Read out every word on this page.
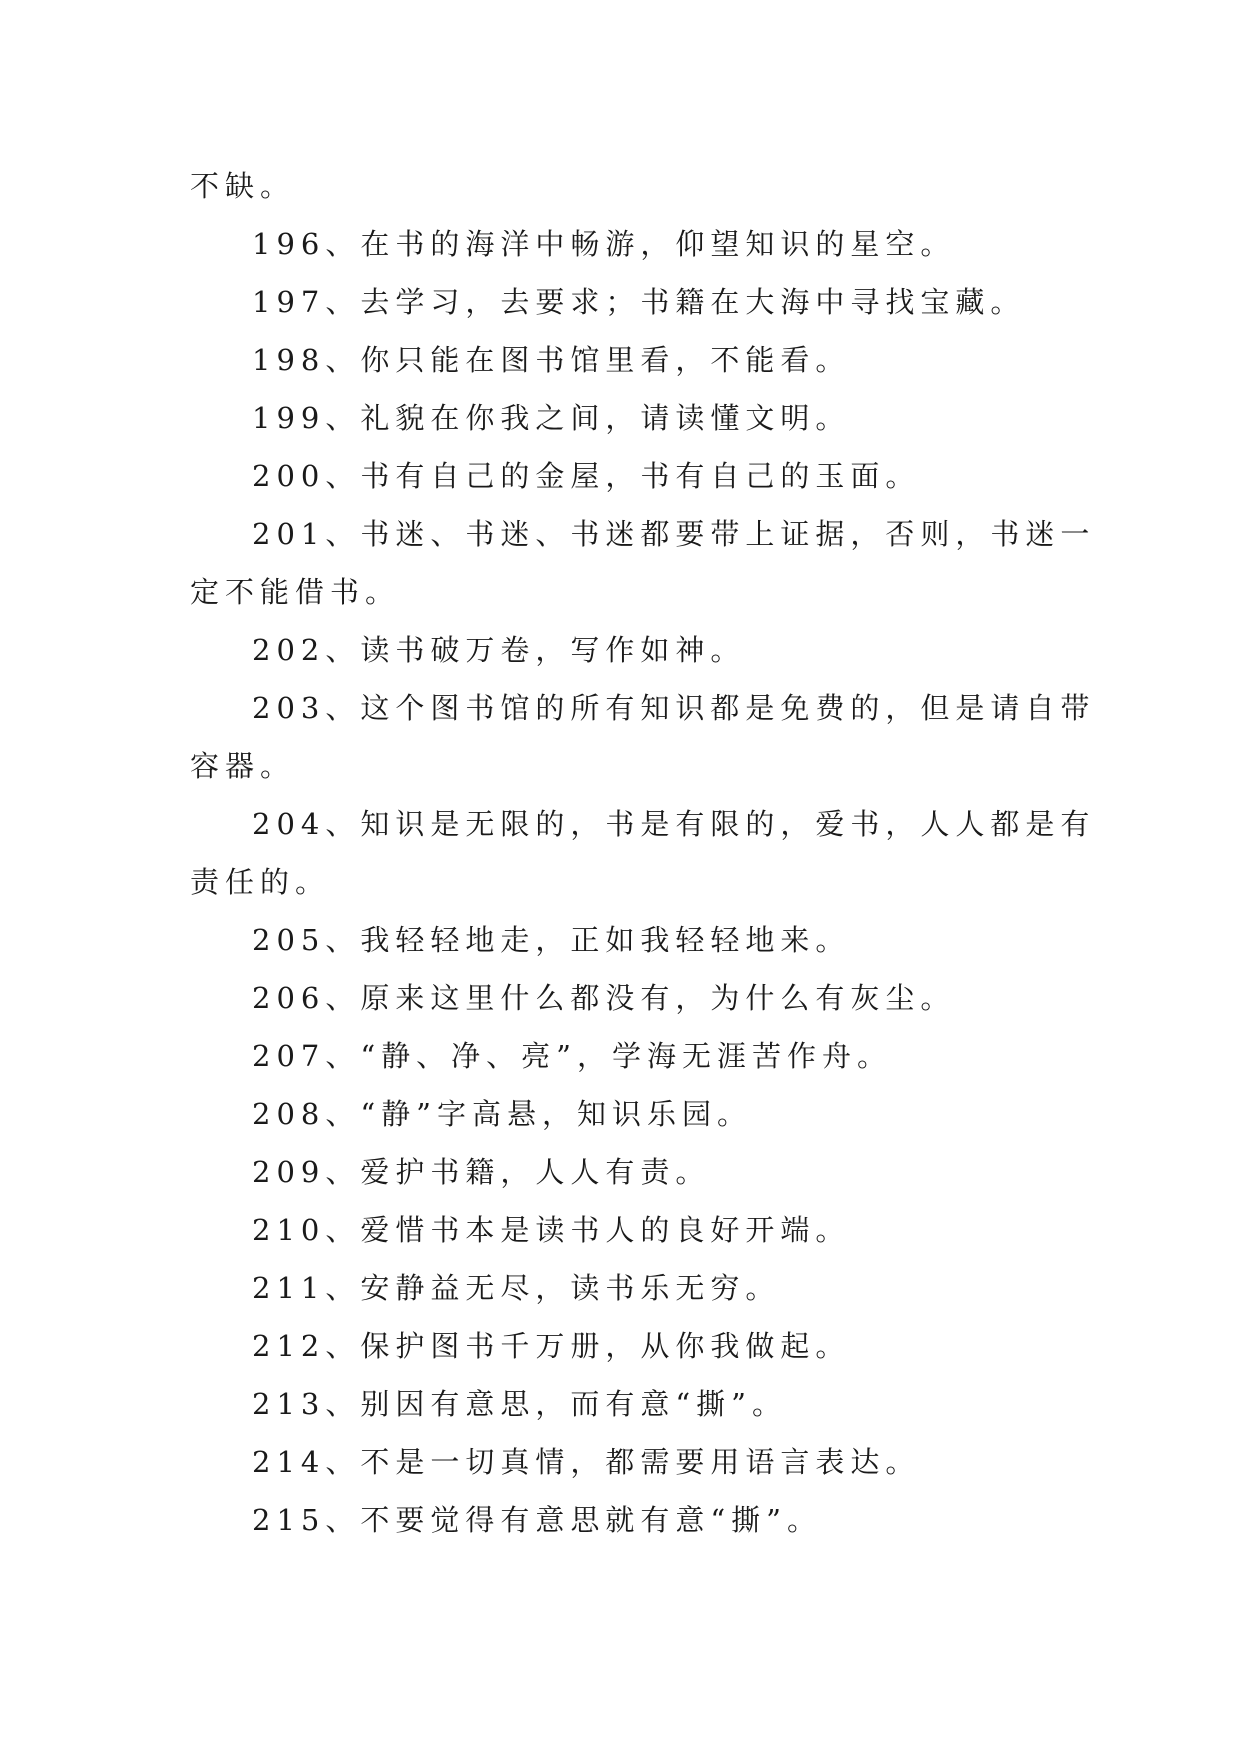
不缺。
196、在书的海洋中畅游，仰望知识的星空。
197、去学习，去要求；书籍在大海中寻找宝藏。
198、你只能在图书馆里看，不能看。
199、礼貌在你我之间，请读懂文明。
200、书有自己的金屋，书有自己的玉面。
201、书迷、书迷、书迷都要带上证据，否则，书迷一
定不能借书。
202、读书破万卷，写作如神。
203、这个图书馆的所有知识都是免费的，但是请自带
容器。
204、知识是无限的，书是有限的，爱书，人人都是有
责任的。
205、我轻轻地走，正如我轻轻地来。
206、原来这里什么都没有，为什么有灰尘。
207、“静、净、亮”，学海无涯苦作舟。
208、“静”字高悬，知识乐园。
209、爱护书籍，人人有责。
210、爱惜书本是读书人的良好开端。
211、安静益无尽，读书乐无穷。
212、保护图书千万册，从你我做起。
213、别因有意思，而有意“撕”。
214、不是一切真情，都需要用语言表达。
215、不要觉得有意思就有意“撕”。
